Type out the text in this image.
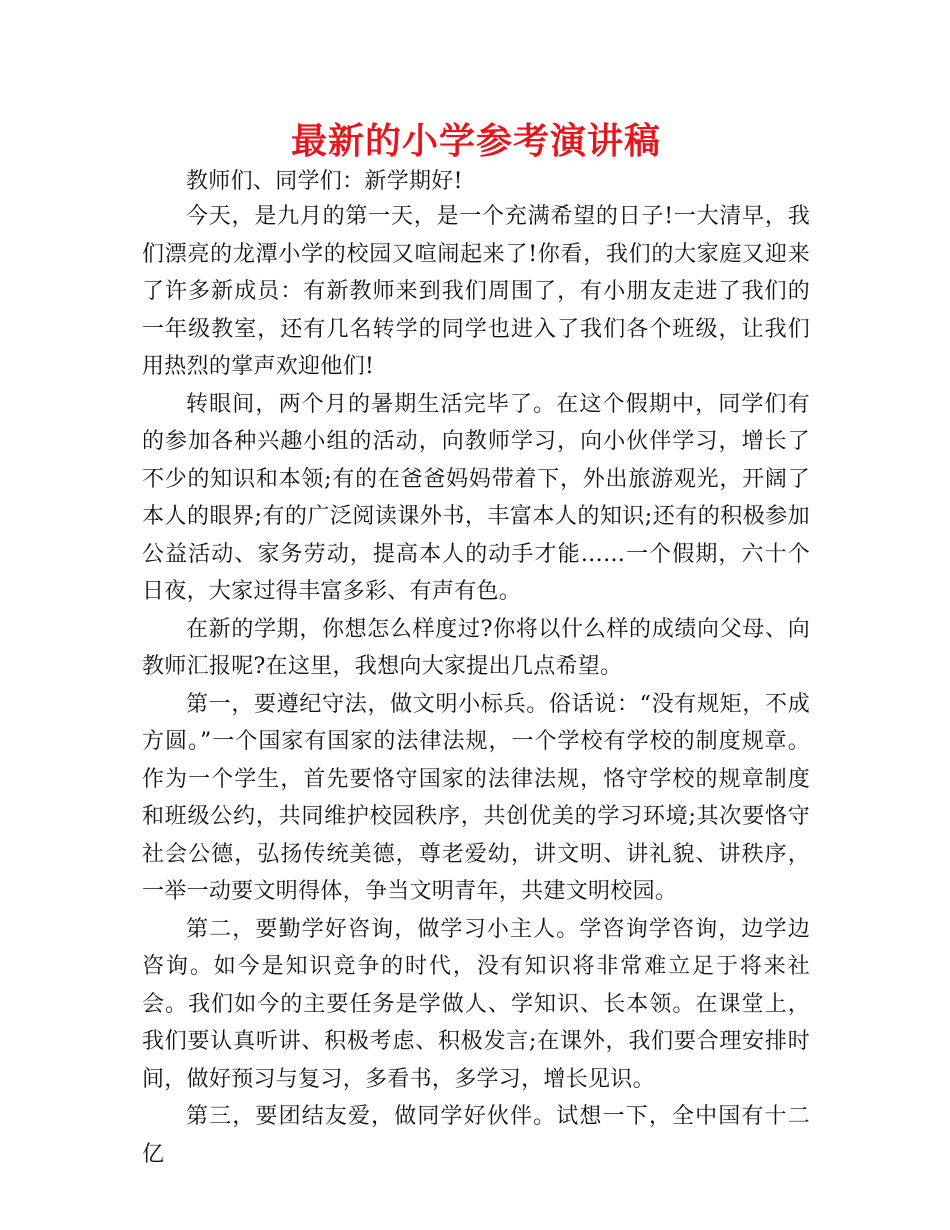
最新的小学参考演讲稿

教师们、同学们：新学期好!

今天，是九月的第一天，是一个充满希望的日子!一大清早，我们漂亮的龙潭小学的校园又喧闹起来了!你看，我们的大家庭又迎来了许多新成员：有新教师来到我们周围了，有小朋友走进了我们的一年级教室，还有几名转学的同学也进入了我们各个班级，让我们用热烈的掌声欢迎他们!

转眼间，两个月的暑期生活完毕了。在这个假期中，同学们有的参加各种兴趣小组的活动，向教师学习，向小伙伴学习，增长了不少的知识和本领;有的在爸爸妈妈带着下，外出旅游观光，开阔了本人的眼界;有的广泛阅读课外书，丰富本人的知识;还有的积极参加公益活动、家务劳动，提高本人的动手才能……一个假期，六十个日夜，大家过得丰富多彩、有声有色。

在新的学期，你想怎么样度过?你将以什么样的成绩向父母、向教师汇报呢?在这里，我想向大家提出几点希望。

第一，要遵纪守法，做文明小标兵。俗话说：“没有规矩，不成方圆。”一个国家有国家的法律法规，一个学校有学校的制度规章。作为一个学生，首先要恪守国家的法律法规，恪守学校的规章制度和班级公约，共同维护校园秩序，共创优美的学习环境;其次要恪守社会公德，弘扬传统美德，尊老爱幼，讲文明、讲礼貌、讲秩序，一举一动要文明得体，争当文明青年，共建文明校园。

第二，要勤学好咨询，做学习小主人。学咨询学咨询，边学边咨询。如今是知识竞争的时代，没有知识将非常难立足于将来社会。我们如今的主要任务是学做人、学知识、长本领。在课堂上，我们要认真听讲、积极考虑、积极发言;在课外，我们要合理安排时间，做好预习与复习，多看书，多学习，增长见识。

第三，要团结友爱，做同学好伙伴。试想一下，全中国有十二亿
